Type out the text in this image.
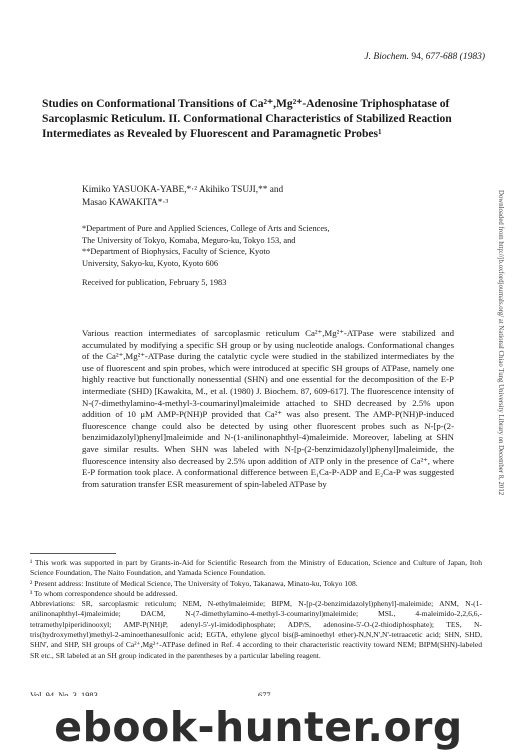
J. Biochem. 94, 677-688 (1983)
Studies on Conformational Transitions of Ca²⁺,Mg²⁺-Adenosine Triphosphatase of Sarcoplasmic Reticulum. II. Conformational Characteristics of Stabilized Reaction Intermediates as Revealed by Fluorescent and Paramagnetic Probes¹
Kimiko YASUOKA-YABE,*·² Akihiko TSUJI,** and
Masao KAWAKITA*·³
*Department of Pure and Applied Sciences, College of Arts and Sciences,
The University of Tokyo, Komaba, Meguro-ku, Tokyo 153, and
**Department of Biophysics, Faculty of Science, Kyoto
University, Sakyo-ku, Kyoto, Kyoto 606
Received for publication, February 5, 1983

Various reaction intermediates of sarcoplasmic reticulum Ca²⁺,Mg²⁺-ATPase were stabilized and accumulated by modifying a specific SH group or by using nucleotide analogs. Conformational changes of the Ca²⁺,Mg²⁺-ATPase during the catalytic cycle were studied in the stabilized intermediates by the use of fluorescent and spin probes, which were introduced at specific SH groups of ATPase, namely one highly reactive but functionally nonessential (SHN) and one essential for the decomposition of the E-P intermediate (SHD) [Kawakita, M., et al. (1980) J. Biochem. 87, 609-617]. The fluorescence intensity of N-(7-dimethylamino-4-methyl-3-coumarinyl)maleimide attached to SHD decreased by 2.5% upon addition of 10 μM AMP-P(NH)P provided that Ca²⁺ was also present. The AMP-P(NH)P-induced fluorescence change could also be detected by using other fluorescent probes such as N-[p-(2-benzimidazolyl)phenyl]maleimide and N-(1-anilinonaphthyl-4)maleimide. Moreover, labeling at SHN gave similar results. When SHN was labeled with N-[p-(2-benzimidazolyl)phenyl]maleimide, the fluorescence intensity also decreased by 2.5% upon addition of ATP only in the presence of Ca²⁺, where E-P formation took place. A conformational difference between E₁Ca-P-ADP and E₂Ca-P was suggested from saturation transfer ESR measurement of spin-labeled ATPase by

¹ This work was supported in part by Grants-in-Aid for Scientific Research from the Ministry of Education, Science and Culture of Japan, Itoh Science Foundation, The Naito Foundation, and Yamada Science Foundation.

² Present address: Institute of Medical Science, The University of Tokyo, Takanawa, Minato-ku, Tokyo 108.

³ To whom correspondence should be addressed.

Abbreviations: SR, sarcoplasmic reticulum; NEM, N-ethylmaleimide; BIPM, N-[p-(2-benzimidazolyl)phenyl]-maleimide; ANM, N-(1-anilinonaphthyl-4)maleimide; DACM, N-(7-dimethylamino-4-methyl-3-coumarinyl)maleimide; MSL, 4-maleimido-2,2,6,6,-tetramethylpiperidinooxyl; AMP-P(NH)P, adenyl-5'-yl-imidodiphosphate; ADP/S, adenosine-5'-O-(2-thiodiphosphate); TES, N-tris(hydroxymethyl)methyl-2-aminoethanesulfonic acid; EGTA, ethylene glycol bis(β-aminoethyl ether)-N,N,N',N'-tetraacetic acid; SHN, SHD, SHN', and SHP, SH groups of Ca²⁺,Mg²⁺-ATPase defined in Ref. 4 according to their characteristic reactivity toward NEM; BIPM(SHN)-labeled SR etc., SR labeled at an SH group indicated in the parentheses by a particular labeling reagent.

Downloaded from http://jb.oxfordjournals.org/ at National Chiao Tung University Library on December 8, 2012
ebook-hunter.org
